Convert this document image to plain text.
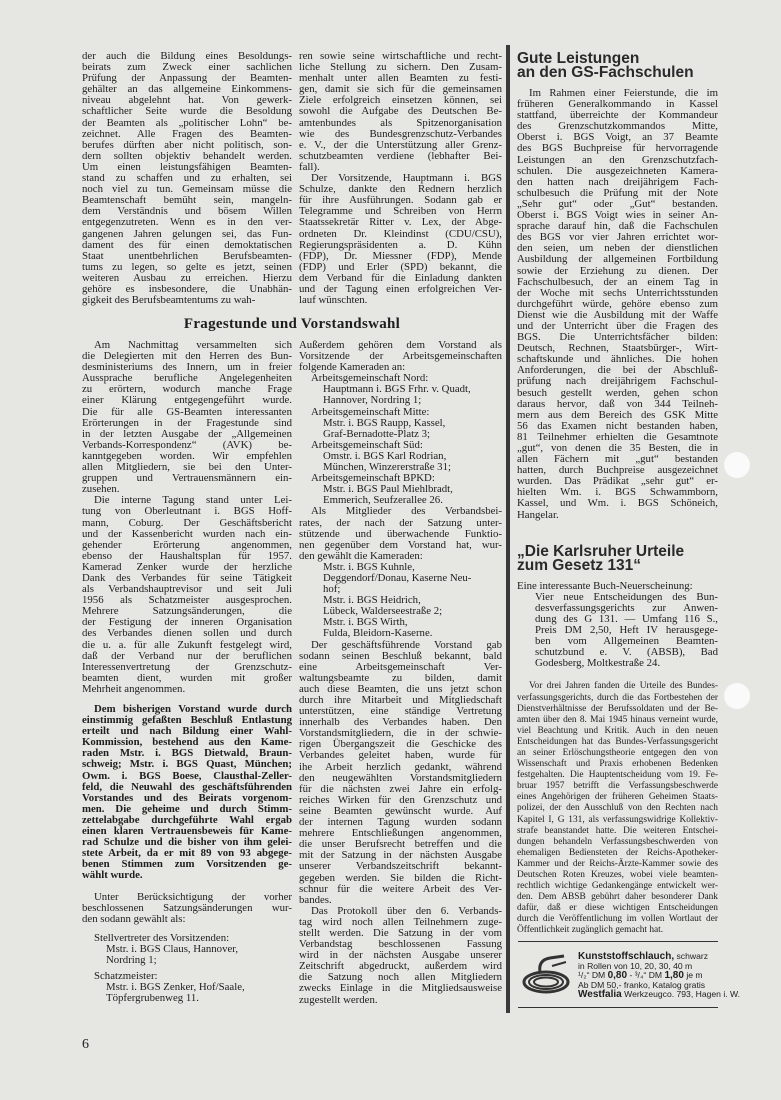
der auch die Bildung eines Besoldungs-
beirats zum Zweck einer sachlichen
Prüfung der Anpassung der Beamten-
gehälter an das allgemeine Einkommens-
niveau abgelehnt hat. Von gewerk-
schaftlicher Seite wurde die Besoldung
der Beamten als „politischer Lohn“ be-
zeichnet. Alle Fragen des Beamten-
berufes dürften aber nicht politisch, son-
dern sollten objektiv behandelt werden.
Um einen leistungsfähigen Beamten-
stand zu schaffen und zu erhalten, sei
noch viel zu tun. Gemeinsam müsse die
Beamtenschaft bemüht sein, mangeln-
dem Verständnis und bösem Willen
entgegenzutreten. Wenn es in den ver-
gangenen Jahren gelungen sei, das Fun-
dament des für einen demoktatischen
Staat unentbehrlichen Berufsbeamten-
tums zu legen, so gelte es jetzt, seinen
weiteren Ausbau zu erreichen. Hierzu
gehöre es insbesondere, die Unabhän-
gigkeit des Berufsbeamtentums zu wah-
ren sowie seine wirtschaftliche und recht-
liche Stellung zu sichern. Den Zusam-
menhalt unter allen Beamten zu festi-
gen, damit sie sich für die gemeinsamen
Ziele erfolgreich einsetzen können, sei
sowohl die Aufgabe des Deutschen Be-
amtenbundes als Spitzenorganisation
wie des Bundesgrenzschutz-Verbandes
e. V., der die Unterstützung aller Grenz-
schutzbeamten verdiene (lebhafter Bei-
fall).
Der Vorsitzende, Hauptmann i. BGS
Schulze, dankte den Rednern herzlich
für ihre Ausführungen. Sodann gab er
Telegramme und Schreiben von Herrn
Staatssekretär Ritter v. Lex, der Abge-
ordneten Dr. Kleindinst (CDU/CSU),
Regierungspräsidenten a. D. Kühn
(FDP), Dr. Miessner (FDP), Mende
(FDP) und Erler (SPD) bekannt, die
dem Verband für die Einladung dankten
und der Tagung einen erfolgreichen Ver-
lauf wünschten.
Fragestunde und Vorstandswahl
Am Nachmittag versammelten sich
die Delegierten mit den Herren des Bun-
desministeriums des Innern, um in freier
Aussprache berufliche Angelegenheiten
zu erörtern, wodurch manche Frage
einer Klärung entgegengeführt wurde.
Die für alle GS-Beamten interessanten
Erörterungen in der Fragestunde sind
in der letzten Ausgabe der „Allgemeinen
Verbands-Korrespondenz“ (AVK) be-
kanntgegeben worden. Wir empfehlen
allen Mitgliedern, sie bei den Unter-
gruppen und Vertrauensmännern ein-
zusehen.
Die interne Tagung stand unter Lei-
tung von Oberleutnant i. BGS Hoff-
mann, Coburg. Der Geschäftsbericht
und der Kassenbericht wurden nach ein-
gehender Erörterung angenommen,
ebenso der Haushaltsplan für 1957.
Kamerad Zenker wurde der herzliche
Dank des Verbandes für seine Tätigkeit
als Verbandshauptrevisor und seit Juli
1956 als Schatzmeister ausgesprochen.
Mehrere Satzungsänderungen, die
der Festigung der inneren Organisation
des Verbandes dienen sollen und durch
die u. a. für alle Zukunft festgelegt wird,
daß der Verband nur der beruflichen
Interessenvertretung der Grenzschutz-
beamten dient, wurden mit großer
Mehrheit angenommen.
Dem bisherigen Vorstand wurde durch
einstimmig gefaßten Beschluß Entlastung
erteilt und nach Bildung einer Wahl-
Kommission, bestehend aus den Kame-
raden Mstr. i. BGS Dietwald, Braun-
schweig; Mstr. i. BGS Quast, München;
Owm. i. BGS Boese, Clausthal-Zeller-
feld, die Neuwahl des geschäftsführenden
Vorstandes und des Beirats vorgenom-
men. Die geheime und durch Stimm-
zettelabgabe durchgeführte Wahl ergab
einen klaren Vertrauensbeweis für Kame-
rad Schulze und die bisher von ihm gelei-
stete Arbeit, da er mit 89 von 93 abgege-
benen Stimmen zum Vorsitzenden ge-
wählt wurde.
Unter Berücksichtigung der vorher
beschlossenen Satzungsänderungen wur-
den sodann gewählt als:
Stellvertreter des Vorsitzenden:
Mstr. i. BGS Claus, Hannover,
Nordring 1;
Schatzmeister:
Mstr. i. BGS Zenker, Hof/Saale,
Töpfergrubenweg 11.
Außerdem gehören dem Vorstand als
Vorsitzende der Arbeitsgemeinschaften
folgende Kameraden an:
Arbeitsgemeinschaft Nord:
Hauptmann i. BGS Frhr. v. Quadt,
Hannover, Nordring 1;
Arbeitsgemeinschaft Mitte:
Mstr. i. BGS Raupp, Kassel,
Graf-Bernadotte-Platz 3;
Arbeitsgemeinschaft Süd:
Omstr. i. BGS Karl Rodrian,
München, Winzererstraße 31;
Arbeitsgemeinschaft BPKD:
Mstr. i. BGS Paul Miehlbradt,
Emmerich, Seufzerallee 26.
Als Mitglieder des Verbandsbei-
rates, der nach der Satzung unter-
stützende und überwachende Funktio-
nen gegenüber dem Vorstand hat, wur-
den gewählt die Kameraden:
Mstr. i. BGS Kuhnle,
Deggendorf/Donau, Kaserne Neu-
hof;
Mstr. i. BGS Heidrich,
Lübeck, Walderseestraße 2;
Mstr. i. BGS Wirth,
Fulda, Bleidorn-Kaserne.
Der geschäftsführende Vorstand gab
sodann seinen Beschluß bekannt, bald
eine Arbeitsgemeinschaft Ver-
waltungsbeamte zu bilden, damit
auch diese Beamten, die uns jetzt schon
durch ihre Mitarbeit und Mitgliedschaft
unterstützen, eine ständige Vertretung
innerhalb des Verbandes haben. Den
Vorstandsmitgliedern, die in der schwie-
rigen Übergangszeit die Geschicke des
Verbandes geleitet haben, wurde für
ihe Arbeit herzlich gedankt, während
den neugewählten Vorstandsmitgliedern
für die nächsten zwei Jahre ein erfolg-
reiches Wirken für den Grenzschutz und
seine Beamten gewünscht wurde. Auf
der internen Tagung wurden sodann
mehrere Entschließungen angenommen,
die unser Berufsrecht betreffen und die
mit der Satzung in der nächsten Ausgabe
unserer Verbandszeitschrift bekannt-
gegeben werden. Sie bilden die Richt-
schnur für die weitere Arbeit des Ver-
bandes.
Das Protokoll über den 6. Verbands-
tag wird noch allen Teilnehmern zuge-
stellt werden. Die Satzung in der vom
Verbandstag beschlossenen Fassung
wird in der nächsten Ausgabe unserer
Zeitschrift abgedruckt, außerdem wird
die Satzung noch allen Mitgliedern
zwecks Einlage in die Mitgliedsausweise
zugestellt werden.
Gute Leistungen
an den GS-Fachschulen
Im Rahmen einer Feierstunde, die im
früheren Generalkommando in Kassel
stattfand, überreichte der Kommandeur
des Grenzschutzkommandos Mitte,
Oberst i. BGS Voigt, an 37 Beamte
des BGS Buchpreise für hervorragende
Leistungen an den Grenzschutzfach-
schulen. Die ausgezeichneten Kamera-
den hatten nach dreijährigem Fach-
schulbesuch die Prüfung mit der Note
„Sehr gut“ oder „Gut“ bestanden.
Oberst i. BGS Voigt wies in seiner An-
sprache darauf hin, daß die Fachschulen
des BGS vor vier Jahren errichtet wor-
den seien, um neben der dienstlichen
Ausbildung der allgemeinen Fortbildung
sowie der Erziehung zu dienen. Der
Fachschulbesuch, der an einem Tag in
der Woche mit sechs Unterrichtsstunden
durchgeführt würde, gehöre ebenso zum
Dienst wie die Ausbildung mit der Waffe
und der Unterricht über die Fragen des
BGS. Die Unterrichtsfächer bilden:
Deutsch, Rechnen, Staatsbürger-, Wirt-
schaftskunde und ähnliches. Die hohen
Anforderungen, die bei der Abschluß-
prüfung nach dreijährigem Fachschul-
besuch gestellt werden, gehen schon
daraus hervor, daß von 344 Teilneh-
mern aus dem Bereich des GSK Mitte
56 das Examen nicht bestanden haben,
81 Teilnehmer erhielten die Gesamtnote
„gut“, von denen die 35 Besten, die in
allen Fächern mit „gut“ bestanden
hatten, durch Buchpreise ausgezeichnet
wurden. Das Prädikat „sehr gut“ er-
hielten Wm. i. BGS Schwammborn,
Kassel, und Wm. i. BGS Schöneich,
Hangelar.
„Die Karlsruher Urteile
zum Gesetz 131“
Eine interessante Buch-Neuerscheinung:
Vier neue Entscheidungen des Bun-
desverfassungsgerichts zur Anwen-
dung des G 131. — Umfang 116 S.,
Preis DM 2,50, Heft IV herausgege-
ben vom Allgemeinen Beamten-
schutzbund e. V. (ABSB), Bad
Godesberg, Moltkestraße 24.
Vor drei Jahren fanden die Urteile des Bundes-
verfassungsgerichts, durch die das Fortbestehen der
Dienstverhältnisse der Berufssoldaten und der Be-
amten über den 8. Mai 1945 hinaus verneint wurde,
viel Beachtung und Kritik. Auch in den neuen
Entscheidungen hat das Bundes-Verfassungsgericht
an seiner Erlöschungstheorie entgegen den von
Wissenschaft und Praxis erhobenen Bedenken
festgehalten. Die Hauptentscheidung vom 19. Fe-
bruar 1957 betrifft die Verfassungsbeschwerde
eines Angehörigen der früheren Geheimen Staats-
polizei, der den Ausschluß von den Rechten nach
Kapitel I, G 131, als verfassungswidrige Kollektiv-
strafe beanstandet hatte. Die weiteren Entschei-
dungen behandeln Verfassungsbeschwerden von
ehemaligen Bediensteten der Reichs-Apotheker-
Kammer und der Reichs-Ärzte-Kammer sowie des
Deutschen Roten Kreuzes, wobei viele beamten-
rechtlich wichtige Gedankengänge entwickelt wer-
den. Dem ABSB gebührt daher besonderer Dank
dafür, daß er diese wichtigen Entscheidungen
durch die Veröffentlichung im vollen Wortlaut der
Öffentlichkeit zugänglich gemacht hat.
Kunststoffschlauch, schwarz
in Rollen von 10, 20, 30, 40 m
¹/₂“ DM 0,80 - ³/₄“ DM 1,80 je m
Ab DM 50,- franko, Katalog gratis
Westfalia Werkzeugco. 793, Hagen i. W.
6
